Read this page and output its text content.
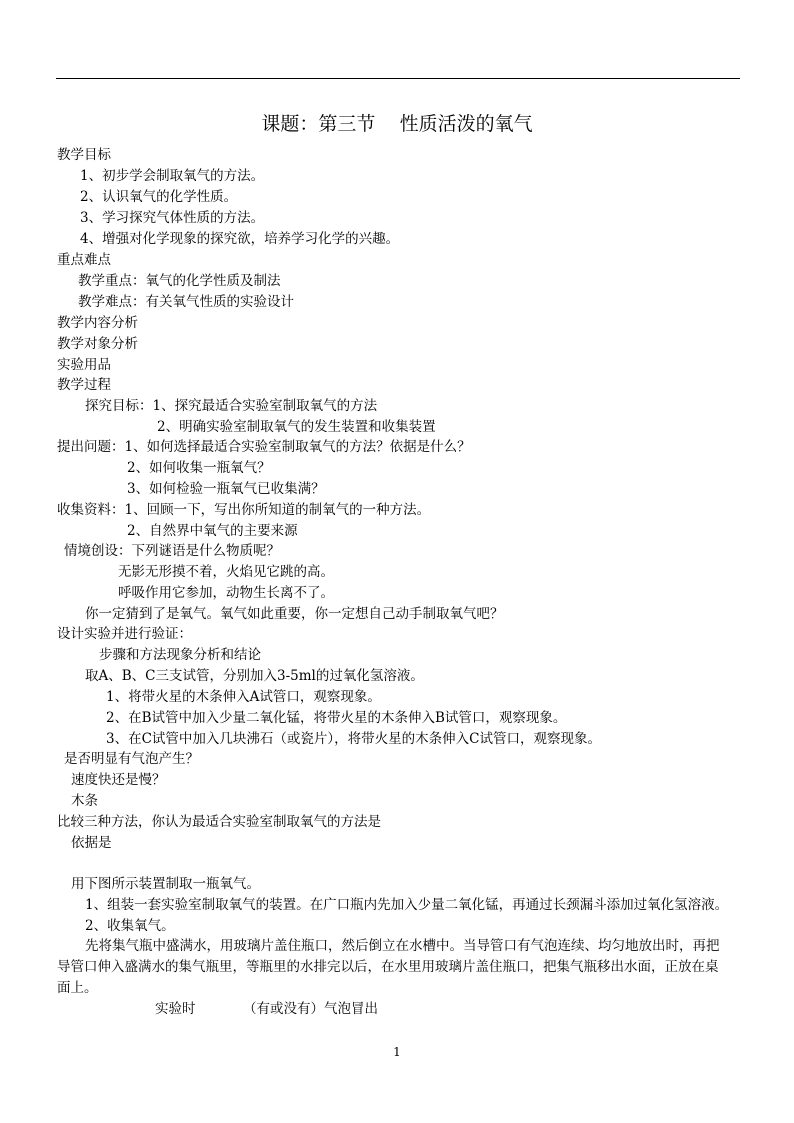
课题：第三节    性质活泼的氧气
教学目标
1、初步学会制取氧气的方法。
2、认识氧气的化学性质。
3、学习探究气体性质的方法。
4、增强对化学现象的探究欲，培养学习化学的兴趣。
重点难点
教学重点：氧气的化学性质及制法
教学难点：有关氧气性质的实验设计
教学内容分析
教学对象分析
实验用品
教学过程
探究目标：1、探究最适合实验室制取氧气的方法
2、明确实验室制取氧气的发生装置和收集装置
提出问题：1、如何选择最适合实验室制取氧气的方法？依据是什么？
2、如何收集一瓶氧气？
3、如何检验一瓶氧气已收集满？
收集资料：1、回顾一下，写出你所知道的制氧气的一种方法。
2、自然界中氧气的主要来源
情境创设：下列谜语是什么物质呢？
无影无形摸不着，火焰见它跳的高。
呼吸作用它参加，动物生长离不了。
你一定猜到了是氧气。氧气如此重要，你一定想自己动手制取氧气吧？
设计实验并进行验证：
步骤和方法现象分析和结论
取A、B、C三支试管，分别加入3-5ml的过氧化氢溶液。
1、将带火星的木条伸入A试管口，观察现象。
2、在B试管中加入少量二氧化锰，将带火星的木条伸入B试管口，观察现象。
3、在C试管中加入几块沸石（或瓷片），将带火星的木条伸入C试管口，观察现象。
是否明显有气泡产生？
速度快还是慢？
木条
比较三种方法，你认为最适合实验室制取氧气的方法是
依据是
用下图所示装置制取一瓶氧气。
1、组装一套实验室制取氧气的装置。在广口瓶内先加入少量二氧化锰，再通过长颈漏斗添加过氧化氢溶液。
2、收集氧气。
先将集气瓶中盛满水，用玻璃片盖住瓶口，然后倒立在水槽中。当导管口有气泡连续、均匀地放出时，再把
导管口伸入盛满水的集气瓶里，等瓶里的水排完以后，在水里用玻璃片盖住瓶口，把集气瓶移出水面，正放在桌
面上。
实验时	（有或没有）气泡冒出
1
